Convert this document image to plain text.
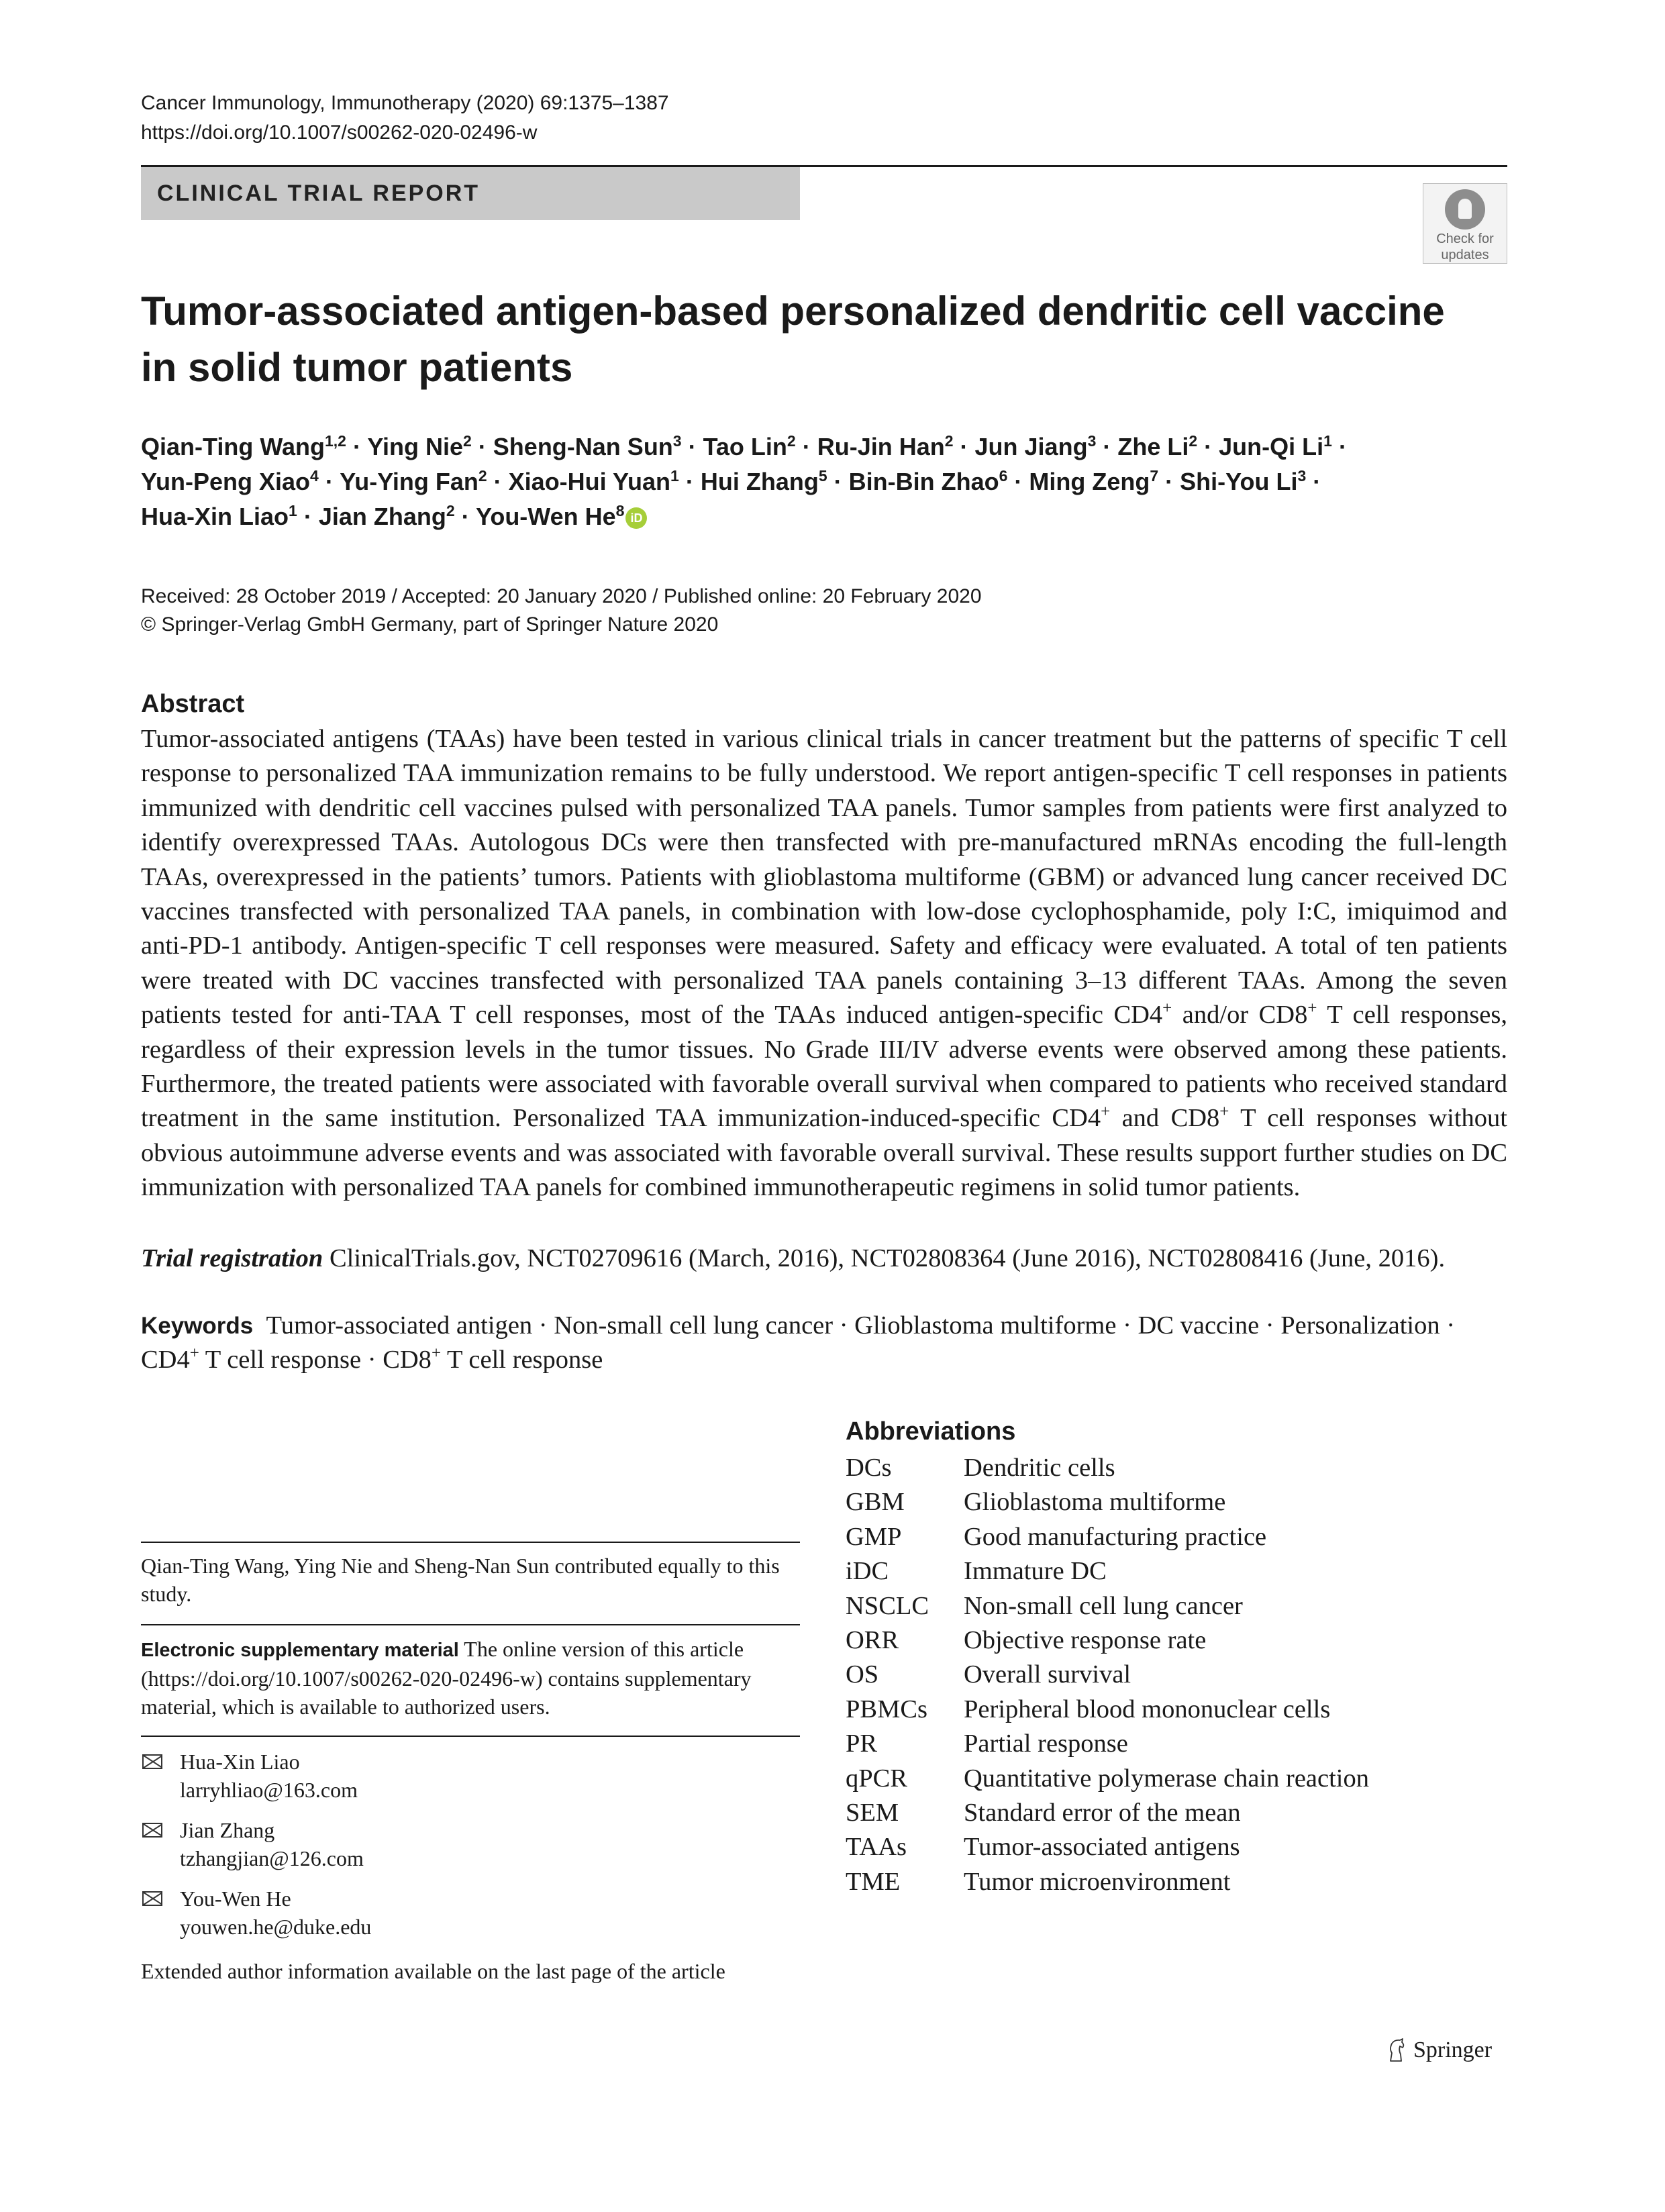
Cancer Immunology, Immunotherapy (2020) 69:1375–1387
https://doi.org/10.1007/s00262-020-02496-w
CLINICAL TRIAL REPORT
Check for
updates
Tumor-associated antigen-based personalized dendritic cell vaccine in solid tumor patients
Qian-Ting Wang$^{1,2}$ · Ying Nie$^2$ · Sheng-Nan Sun$^3$ · Tao Lin$^2$ · Ru-Jin Han$^2$ · Jun Jiang$^3$ · Zhe $Li^2 \cdot Jun-Qi$ $Li^1$ ·
Yun-Peng Xiao$^4$ · Yu-Ying Fan$^2$ · Xiao-Hui Yuan$^1$ · Hui Zhang$^5$ · Bin-Bin Zhao$^6$ · Ming Zeng$^7$ · Shi-You $Li^3$ ·
Hua-Xin Liao$^1$ · Jian Zhang$^2$ · You-Wen He$^8$ iD
Received: 28 October 2019 / Accepted: 20 January 2020 / Published online: 20 February 2020
© Springer-Verlag GmbH Germany, part of Springer Nature 2020
Abstract

Tumor-associated antigens (TAAs) have been tested in various clinical trials in cancer treatment but the patterns of specific T cell response to personalized TAA immunization remains to be fully understood. We report antigen-specific T cell responses in patients immunized with dendritic cell vaccines pulsed with personalized TAA panels. Tumor samples from patients were first analyzed to identify overexpressed TAAs. Autologous DCs were then transfected with pre-manufactured mRNAs encoding the full-length TAAs, overexpressed in the patients’ tumors. Patients with glioblastoma multiforme (GBM) or advanced lung cancer received DC vaccines transfected with personalized TAA panels, in combination with low-dose cyclophosphamide, poly I:C, imiquimod and anti-PD-1 antibody. Antigen-specific T cell responses were measured. Safety and efficacy were evaluated. A total of ten patients were treated with DC vaccines transfected with personalized TAA panels containing 3–13 different TAAs. Among the seven patients tested for anti-TAA T cell responses, most of the TAAs induced antigen-specific CD4+ and/or CD8+ T cell responses, regardless of their expression levels in the tumor tissues. No Grade III/IV adverse events were observed among these patients. Furthermore, the treated patients were associated with favorable overall survival when compared to patients who received standard treatment in the same institution. Personalized TAA immunization-induced-specific CD4+ and CD8+ T cell responses without obvious autoimmune adverse events and was associated with favorable overall survival. These results support further studies on DC immunization with personalized TAA panels for combined immunotherapeutic regimens in solid tumor patients.

Trial registration ClinicalTrials.gov, NCT02709616 (March, 2016), NCT02808364 (June 2016), NCT02808416 (June, 2016).

Keywords Tumor-associated antigen · Non-small cell lung cancer · Glioblastoma multiforme · DC vaccine · Personalization · CD4+ T cell response · CD8+ T cell response

Qian-Ting Wang, Ying Nie and Sheng-Nan Sun contributed equally to this study.
Electronic supplementary material The online version of this article (https://doi.org/10.1007/s00262-020-02496-w) contains supplementary material, which is available to authorized users.
Hua-Xin Liao
larryhliao@163.com
Jian Zhang
tzhangjian@126.com
You-Wen He
youwen.he@duke.edu
Extended author information available on the last page of the article
Abbreviations
DCs	Dendritic cells
GBM	Glioblastoma multiforme
GMP	Good manufacturing practice
iDC	Immature DC
NSCLC	Non-small cell lung cancer
ORR	Objective response rate
OS	Overall survival
PBMCs	Peripheral blood mononuclear cells
PR	Partial response
qPCR	Quantitative polymerase chain reaction
SEM	Standard error of the mean
TAAs	Tumor-associated antigens
TME	Tumor microenvironment
Springer
